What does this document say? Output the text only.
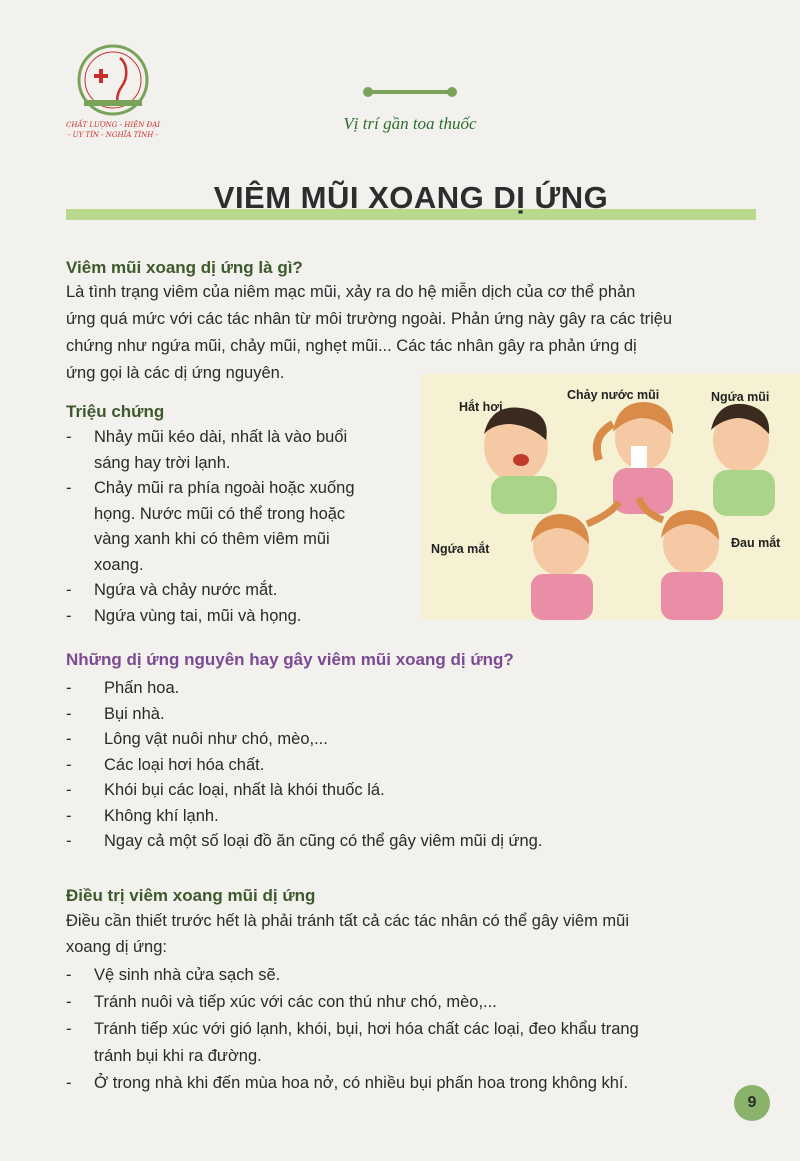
CHẤT LƯỢNG - HIỆN ĐẠI
- UY TÍN - NGHĨA TÌNH -
Vị trí gần toa thuốc
VIÊM MŨI XOANG DỊ ỨNG
Viêm mũi xoang dị ứng là gì?
Là tình trạng viêm của niêm mạc mũi, xảy ra do hệ miễn dịch của cơ thể phản
ứng quá mức với các tác nhân từ môi trường ngoài. Phản ứng này gây ra các triệu
chứng như ngứa mũi, chảy mũi, nghẹt mũi... Các tác nhân gây ra phản ứng dị
ứng gọi là các dị ứng nguyên.
Triệu chứng
- Nhảy mũi kéo dài, nhất là vào buổi
sáng hay trời lạnh.
- Chảy mũi ra phía ngoài hoặc xuống
họng. Nước mũi có thể trong hoặc
vàng xanh khi có thêm viêm mũi
xoang.
- Ngứa và chảy nước mắt.
- Ngứa vùng tai, mũi và họng.
Hắt hơi
Chảy nước mũi	Ngứa mũi
Ngứa mắt	Đau mắt
Những dị ứng nguyên hay gây viêm mũi xoang dị ứng?
- Phấn hoa.
- Bụi nhà.
- Lông vật nuôi như chó, mèo,...
- Các loại hơi hóa chất.
- Khói bụi các loại, nhất là khói thuốc lá.
- Không khí lạnh.
- Ngay cả một số loại đồ ăn cũng có thể gây viêm mũi dị ứng.
Điều trị viêm xoang mũi dị ứng
Điều cần thiết trước hết là phải tránh tất cả các tác nhân có thể gây viêm mũi
xoang dị ứng:
- Vệ sinh nhà cửa sạch sẽ.
- Tránh nuôi và tiếp xúc với các con thú như chó, mèo,...
- Tránh tiếp xúc với gió lạnh, khói, bụi, hơi hóa chất các loại, đeo khẩu trang
tránh bụi khi ra đường.
- Ở trong nhà khi đến mùa hoa nở, có nhiều bụi phấn hoa trong không khí.
9
